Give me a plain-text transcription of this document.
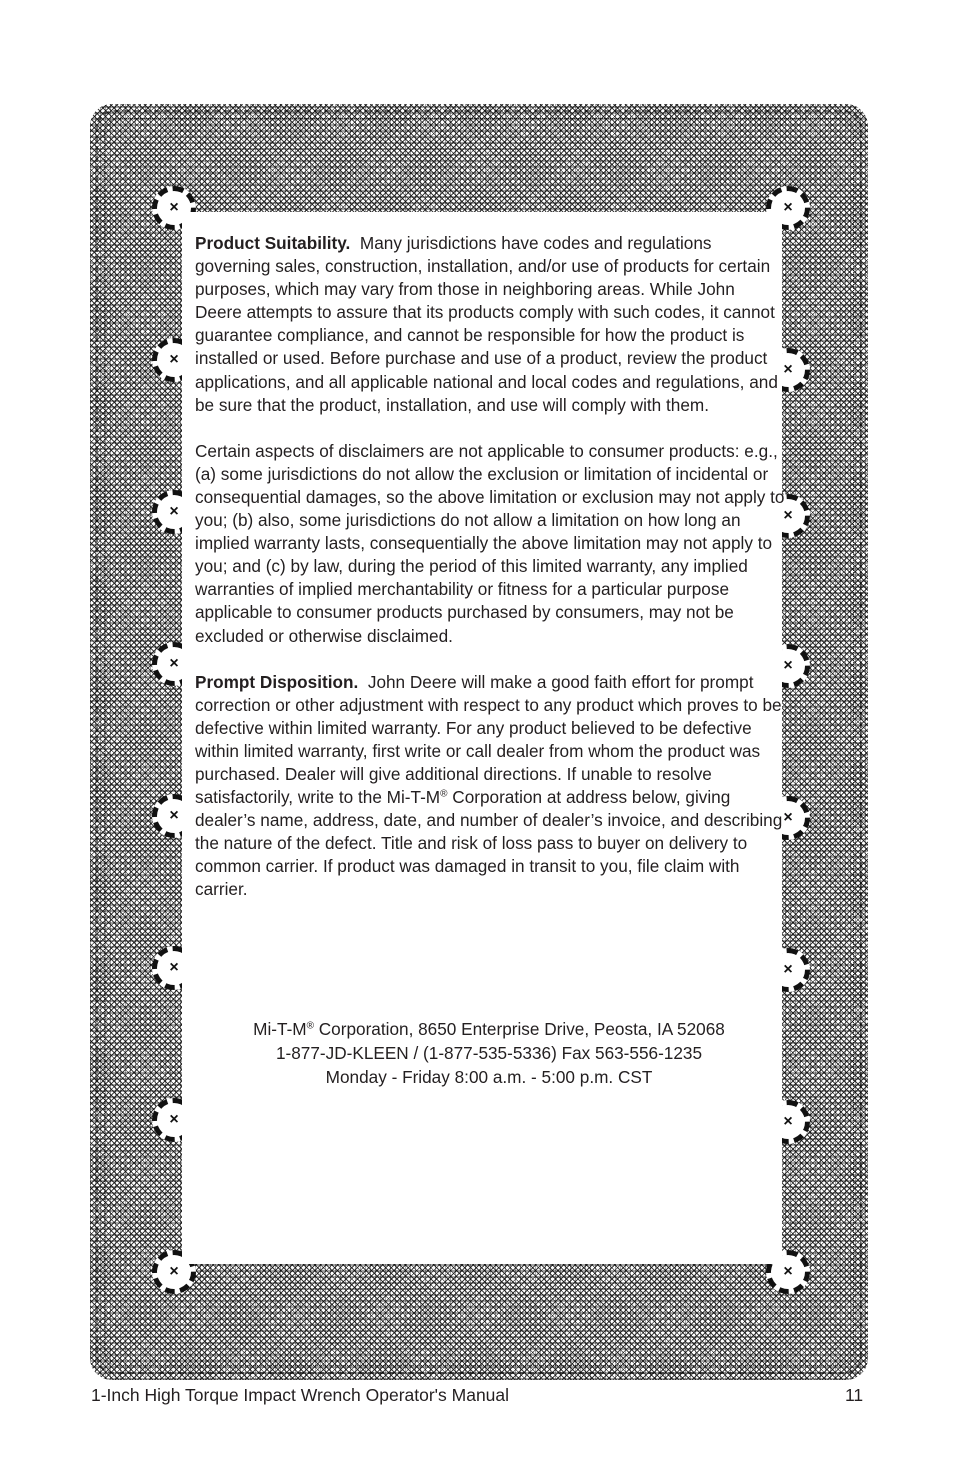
×
×
×
×
×
×
×
×
×
×
×
×
×
×
×
×

Product Suitability. Many jurisdictions have codes and regulations governing sales, construction, installation, and/or use of products for certain purposes, which may vary from those in neighboring areas. While John Deere attempts to assure that its products comply with such codes, it cannot guarantee compliance, and cannot be responsible for how the product is installed or used. Before purchase and use of a product, review the product applications, and all applicable national and local codes and regulations, and be sure that the product, installation, and use will comply with them.

Certain aspects of disclaimers are not applicable to consumer products: e.g., (a) some jurisdictions do not allow the exclusion or limitation of incidental or consequential damages, so the above limitation or exclusion may not apply to you; (b) also, some jurisdictions do not allow a limitation on how long an implied warranty lasts, consequentially the above limitation may not apply to you; and (c) by law, during the period of this limited warranty, any implied warranties of implied merchantability or fitness for a particular purpose applicable to consumer products purchased by consumers, may not be excluded or otherwise disclaimed.

Prompt Disposition. John Deere will make a good faith effort for prompt correction or other adjustment with respect to any product which proves to be defective within limited warranty. For any product believed to be defective within limited warranty, first write or call dealer from whom the product was purchased. Dealer will give additional directions. If unable to resolve satisfactorily, write to the Mi-T-M® Corporation at address below, giving dealer’s name, address, date, and number of dealer’s invoice, and describing the nature of the defect. Title and risk of loss pass to buyer on delivery to common carrier. If product was damaged in transit to you, file claim with carrier.

Mi-T-M® Corporation, 8650 Enterprise Drive, Peosta, IA 52068
1-877-JD-KLEEN / (1-877-535-5336) Fax 563-556-1235
Monday - Friday 8:00 a.m. - 5:00 p.m. CST
1-Inch High Torque Impact Wrench Operator's Manual	11
